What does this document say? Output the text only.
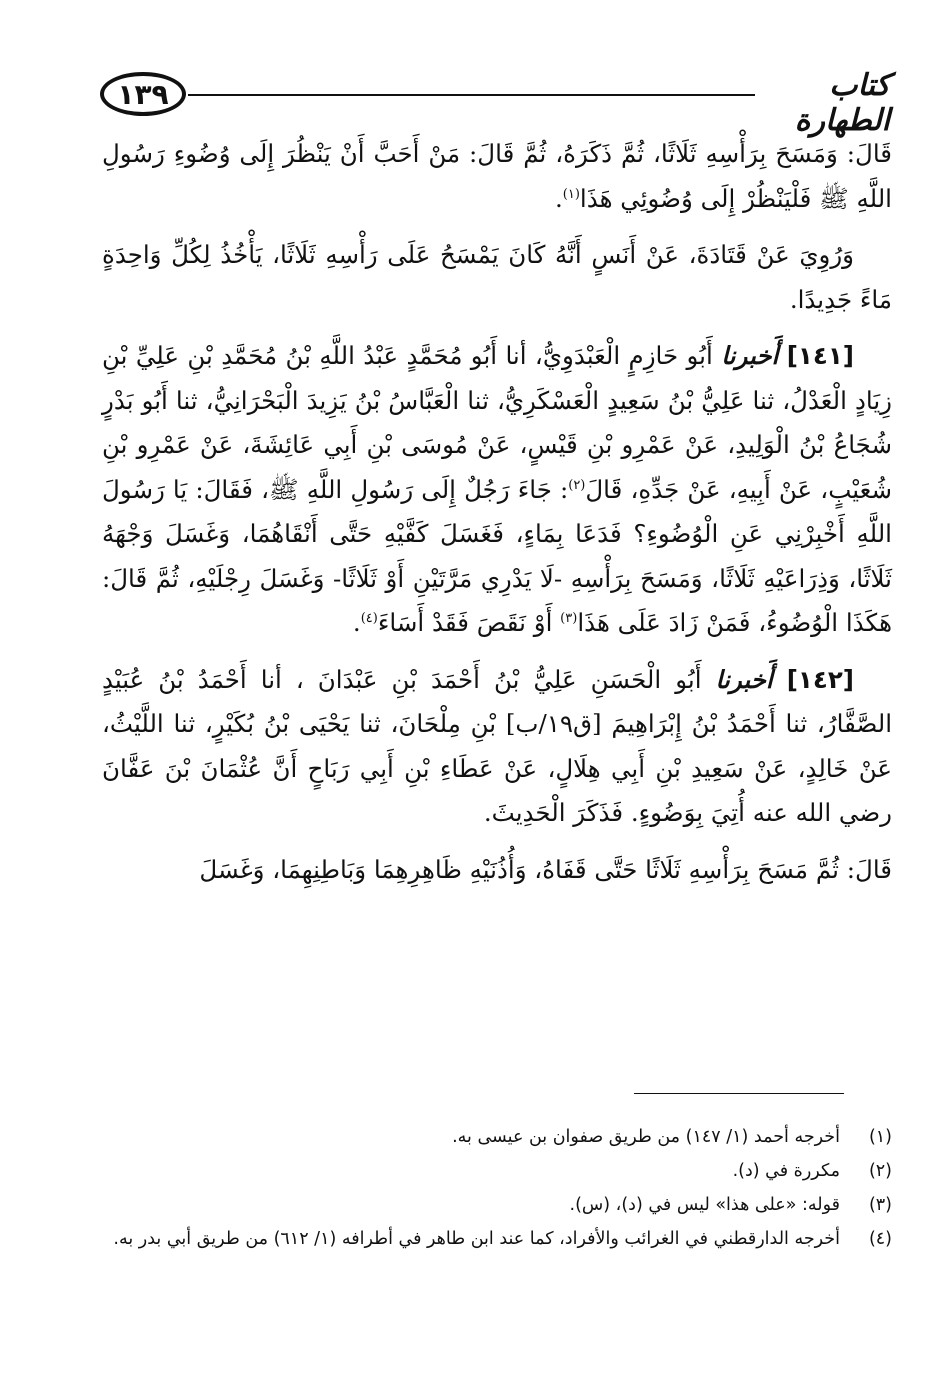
١٣٩	كتاب الطهارة

قَالَ: وَمَسَحَ بِرَأْسِهِ ثَلَاثًا، ثُمَّ ذَكَرَهُ، ثُمَّ قَالَ: مَنْ أَحَبَّ أَنْ يَنْظُرَ إِلَى وُضُوءِ رَسُولِ اللَّهِ ﷺ فَلْيَنْظُرْ إِلَى وُضُوئِي هَذَا$^{(١)}$.

وَرُوِيَ عَنْ قَتَادَةَ، عَنْ أَنَسٍ أَنَّهُ كَانَ يَمْسَحُ عَلَى رَأْسِهِ ثَلَاثًا، يَأْخُذُ لِكُلِّ وَاحِدَةٍ مَاءً جَدِيدًا.

[١٤١] أَخبرنا أَبُو حَازِمٍ الْعَبْدَوِيُّ، أنا أَبُو مُحَمَّدٍ عَبْدُ اللَّهِ بْنُ مُحَمَّدِ بْنِ عَلِيِّ بْنِ زِيَادٍ الْعَدْلُ، ثنا عَلِيُّ بْنُ سَعِيدٍ الْعَسْكَرِيُّ، ثنا الْعَبَّاسُ بْنُ يَزِيدَ الْبَحْرَانِيُّ، ثنا أَبُو بَدْرٍ شُجَاعُ بْنُ الْوَلِيدِ، عَنْ عَمْرِو بْنِ قَيْسٍ، عَنْ مُوسَى بْنِ أَبِي عَائِشَةَ، عَنْ عَمْرِو بْنِ شُعَيْبٍ، عَنْ أَبِيهِ، عَنْ جَدِّهِ، قَالَ$^{(٢)}$: جَاءَ رَجُلٌ إِلَى رَسُولِ اللَّهِ ﷺ، فَقَالَ: يَا رَسُولَ اللَّهِ أَخْبِرْنِي عَنِ الْوُضُوءِ؟ فَدَعَا بِمَاءٍ، فَغَسَلَ كَفَّيْهِ حَتَّى أَنْقَاهُمَا، وَغَسَلَ وَجْهَهُ ثَلَاثًا، وَذِرَاعَيْهِ ثَلَاثًا، وَمَسَحَ بِرَأْسِهِ -لَا يَدْرِي مَرَّتَيْنِ أَوْ ثَلَاثًا- وَغَسَلَ رِجْلَيْهِ، ثُمَّ قَالَ: هَكَذَا الْوُضُوءُ، فَمَنْ زَادَ عَلَى هَذَا$^{(٣)}$ أَوْ نَقَصَ فَقَدْ أَسَاءَ$^{(٤)}$.

[١٤٢] أَخبرنا أَبُو الْحَسَنِ عَلِيُّ بْنُ أَحْمَدَ بْنِ عَبْدَانَ ، أنا أَحْمَدُ بْنُ عُبَيْدٍ الصَّفَّارُ، ثنا أَحْمَدُ بْنُ إِبْرَاهِيمَ [ق١٩/ب] بْنِ مِلْحَانَ، ثنا يَحْيَى بْنُ بُكَيْرٍ، ثنا اللَّيْثُ، عَنْ خَالِدٍ، عَنْ سَعِيدِ بْنِ أَبِي هِلَالٍ، عَنْ عَطَاءِ بْنِ أَبِي رَبَاحٍ أَنَّ عُثْمَانَ بْنَ عَفَّانَ رضي الله عنه أُتِيَ بِوَضُوءٍ. فَذَكَرَ الْحَدِيثَ.

قَالَ: ثُمَّ مَسَحَ بِرَأْسِهِ ثَلَاثًا حَتَّى قَفَاهُ، وَأُذُنَيْهِ ظَاهِرِهِمَا وَبَاطِنِهِمَا، وَغَسَلَ

(١)
أخرجه أحمد (١/ ١٤٧) من طريق صفوان بن عيسى به.
(٢)
مكررة في (د).
(٣)
قوله: «على هذا» ليس في (د)، (س).
(٤)
أخرجه الدارقطني في الغرائب والأفراد، كما عند ابن طاهر في أطرافه (١/ ٦١٢) من طريق أبي بدر به.
